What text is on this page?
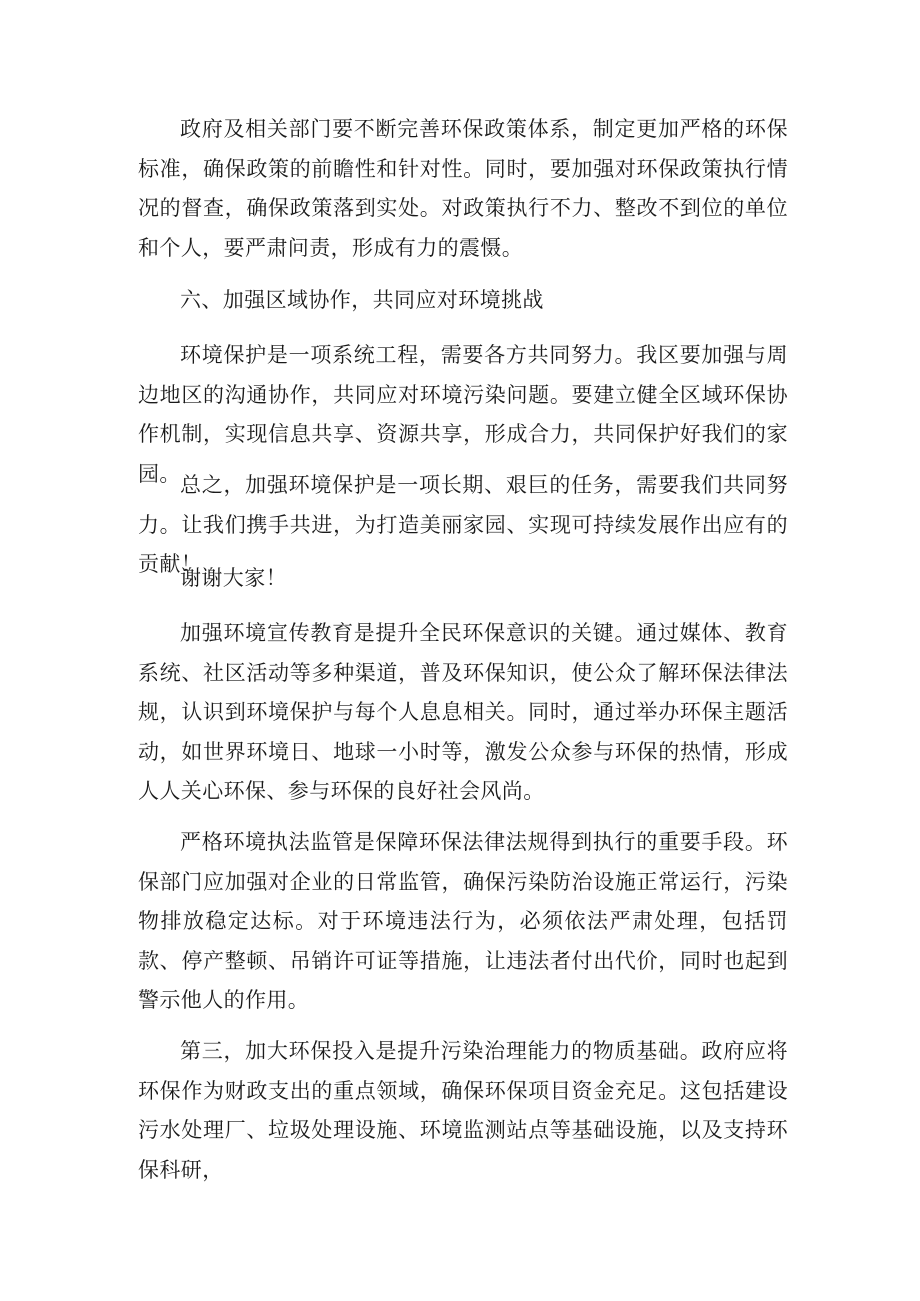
政府及相关部门要不断完善环保政策体系，制定更加严格的环保标准，确保政策的前瞻性和针对性。同时，要加强对环保政策执行情况的督查，确保政策落到实处。对政策执行不力、整改不到位的单位和个人，要严肃问责，形成有力的震慑。

六、加强区域协作，共同应对环境挑战

环境保护是一项系统工程，需要各方共同努力。我区要加强与周边地区的沟通协作，共同应对环境污染问题。要建立健全区域环保协作机制，实现信息共享、资源共享，形成合力，共同保护好我们的家园。 总之，加强环境保护是一项长期、艰巨的任务，需要我们共同努力。让我们携手共进，为打造美丽家园、实现可持续发展作出应有的贡献！

谢谢大家！

加强环境宣传教育是提升全民环保意识的关键。通过媒体、教育系统、社区活动等多种渠道，普及环保知识，使公众了解环保法律法规，认识到环境保护与每个人息息相关。同时，通过举办环保主题活动，如世界环境日、地球一小时等，激发公众参与环保的热情，形成人人关心环保、参与环保的良好社会风尚。

严格环境执法监管是保障环保法律法规得到执行的重要手段。环保部门应加强对企业的日常监管，确保污染防治设施正常运行，污染物排放稳定达标。对于环境违法行为，必须依法严肃处理，包括罚款、停产整顿、吊销许可证等措施，让违法者付出代价，同时也起到警示他人的作用。

第三，加大环保投入是提升污染治理能力的物质基础。政府应将环保作为财政支出的重点领域，确保环保项目资金充足。这包括建设污水处理厂、垃圾处理设施、环境监测站点等基础设施，以及支持环保科研，
